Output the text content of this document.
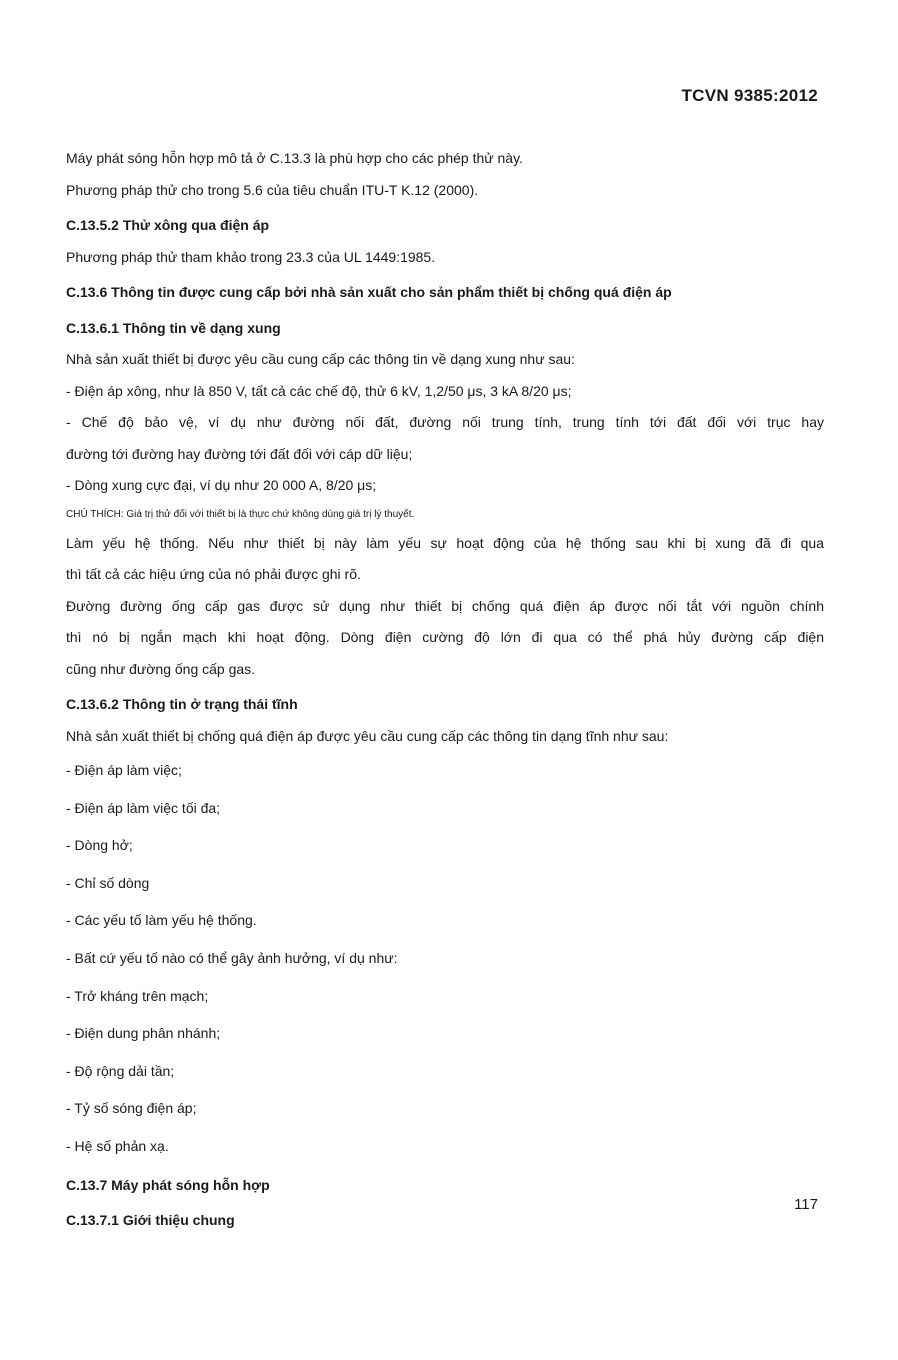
TCVN 9385:2012

Máy phát sóng hỗn hợp mô tả ở C.13.3 là phù hợp cho các phép thử này.

Phương pháp thử cho trong 5.6 của tiêu chuẩn ITU-T K.12 (2000).

C.13.5.2 Thử xông qua điện áp

Phương pháp thử tham khảo trong 23.3 của UL 1449:1985.

C.13.6 Thông tin được cung cấp bởi nhà sản xuất cho sản phẩm thiết bị chống quá điện áp

C.13.6.1 Thông tin về dạng xung

Nhà sản xuất thiết bị được yêu cầu cung cấp các thông tin về dạng xung như sau:

- Điện áp xông, như là 850 V, tất cả các chế độ, thử 6 kV, 1,2/50 μs, 3 kA 8/20 μs;

- Chế độ bảo vệ, ví dụ như đường nối đất, đường nối trung tính, trung tính tới đất đối với trục hay

đường tới đường hay đường tới đất đối với cáp dữ liệu;

- Dòng xung cực đại, ví dụ như 20 000 A, 8/20 μs;

CHÚ THÍCH: Giá trị thử đối với thiết bị là thực chứ không dùng giá trị lý thuyết.

Làm yếu hệ thống. Nếu như thiết bị này làm yếu sự hoạt động của hệ thống sau khi bị xung đã đi qua

thì tất cả các hiệu ứng của nó phải được ghi rõ.

Đường đường ống cấp gas được sử dụng như thiết bị chống quá điện áp được nối tắt với nguồn chính

thì nó bị ngắn mạch khi hoạt động. Dòng điện cường độ lớn đi qua có thể phá hủy đường cấp điện

cũng như đường ống cấp gas.

C.13.6.2 Thông tin ở trạng thái tĩnh

Nhà sản xuất thiết bị chống quá điện áp được yêu cầu cung cấp các thông tin dạng tĩnh như sau:

- Điện áp làm việc;

- Điện áp làm việc tối đa;

- Dòng hở;

- Chỉ số dòng

- Các yếu tố làm yếu hệ thống.

- Bất cứ yếu tố nào có thể gây ảnh hưởng, ví dụ như:

- Trở kháng trên mạch;

- Điện dung phân nhánh;

- Độ rộng dải tần;

- Tỷ số sóng điện áp;

- Hệ số phản xạ.

C.13.7 Máy phát sóng hỗn hợp

C.13.7.1 Giới thiệu chung

117
